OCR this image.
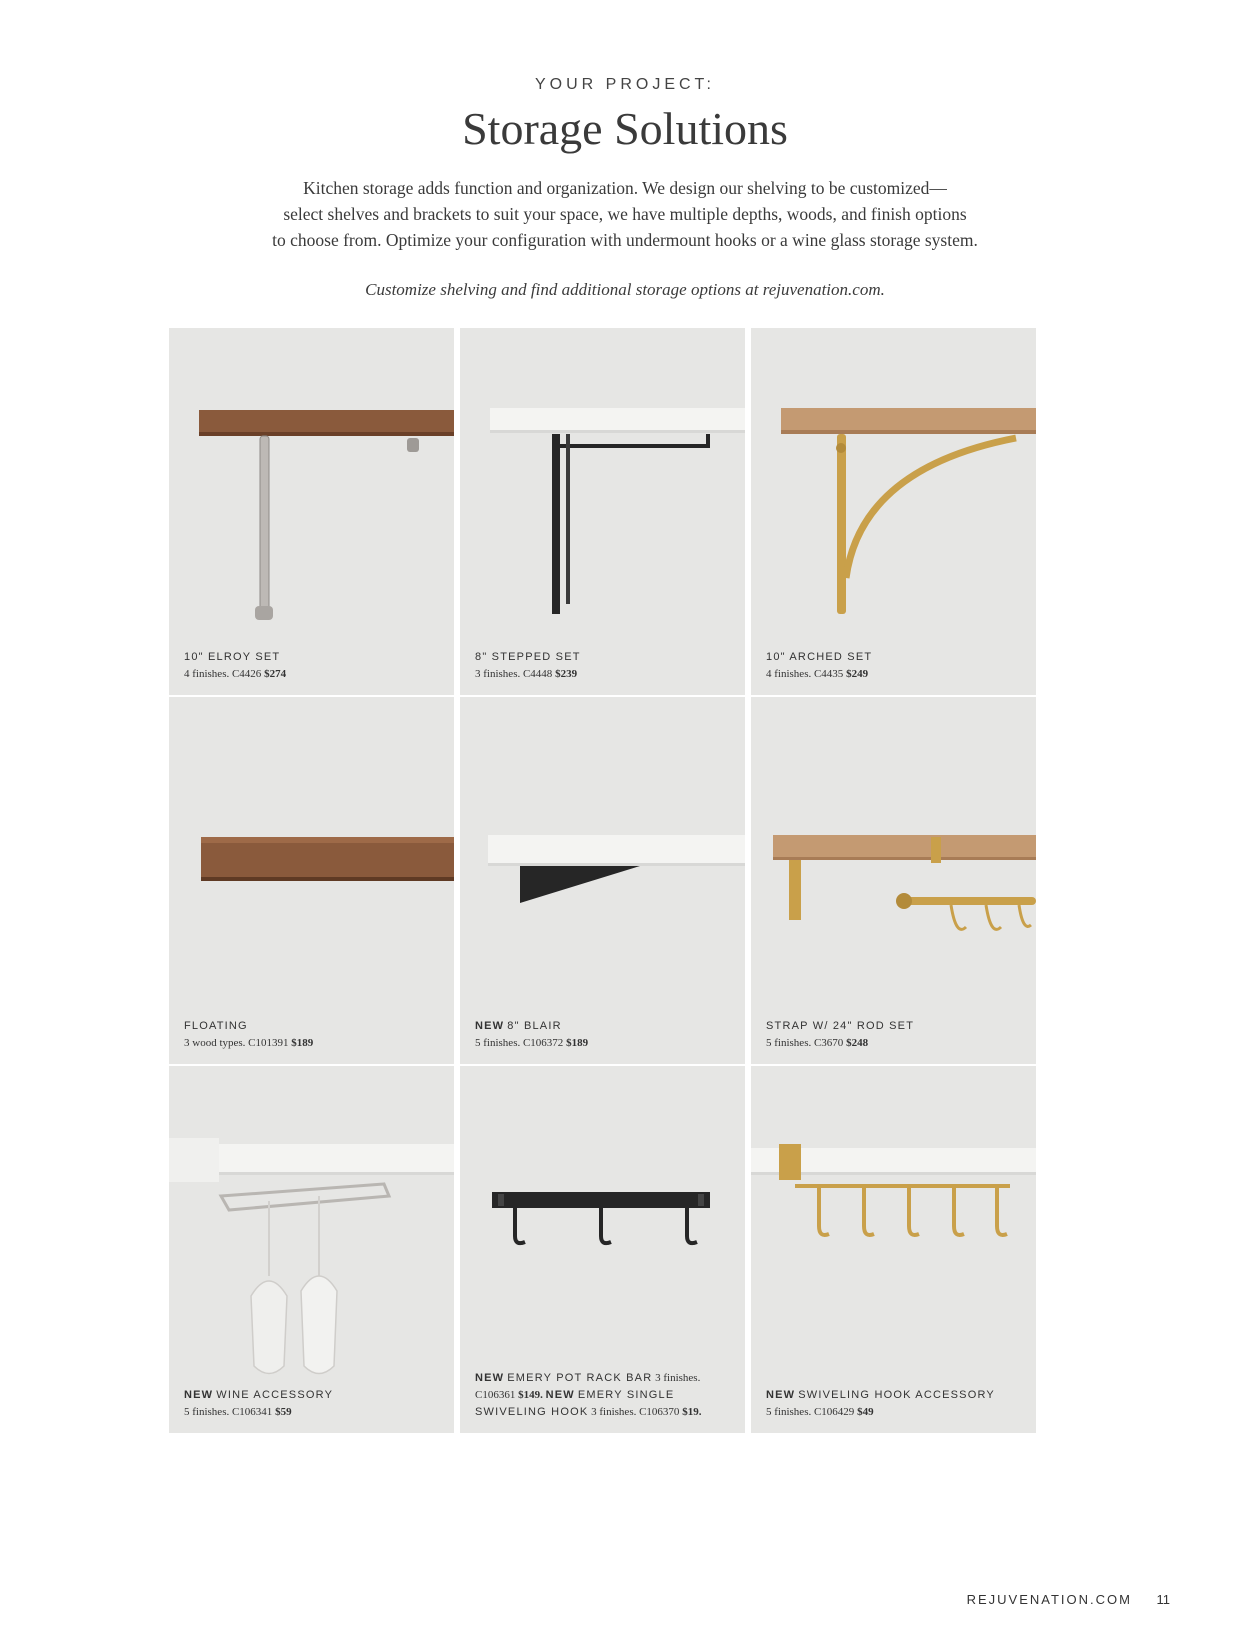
YOUR PROJECT:
Storage Solutions

Kitchen storage adds function and organization. We design our shelving to be customized—
select shelves and brackets to suit your space, we have multiple depths, woods, and finish options
to choose from. Optimize your configuration with undermount hooks or a wine glass storage system.

Customize shelving and find additional storage options at rejuvenation.com.
10" ELROY SET
4 finishes. C4426 $274
8" STEPPED SET
3 finishes. C4448 $239
10" ARCHED SET
4 finishes. C4435 $249
FLOATING
3 wood types. C101391 $189
NEW 8" BLAIR
5 finishes. C106372 $189
STRAP W/ 24" ROD SET
5 finishes. C3670 $248
NEW WINE ACCESSORY
5 finishes. C106341 $59
NEW EMERY POT RACK BAR 3 finishes.
C106361 $149. NEW EMERY SINGLE
SWIVELING HOOK 3 finishes. C106370 $19.
NEW SWIVELING HOOK ACCESSORY
5 finishes. C106429 $49
REJUVENATION.COM 11
